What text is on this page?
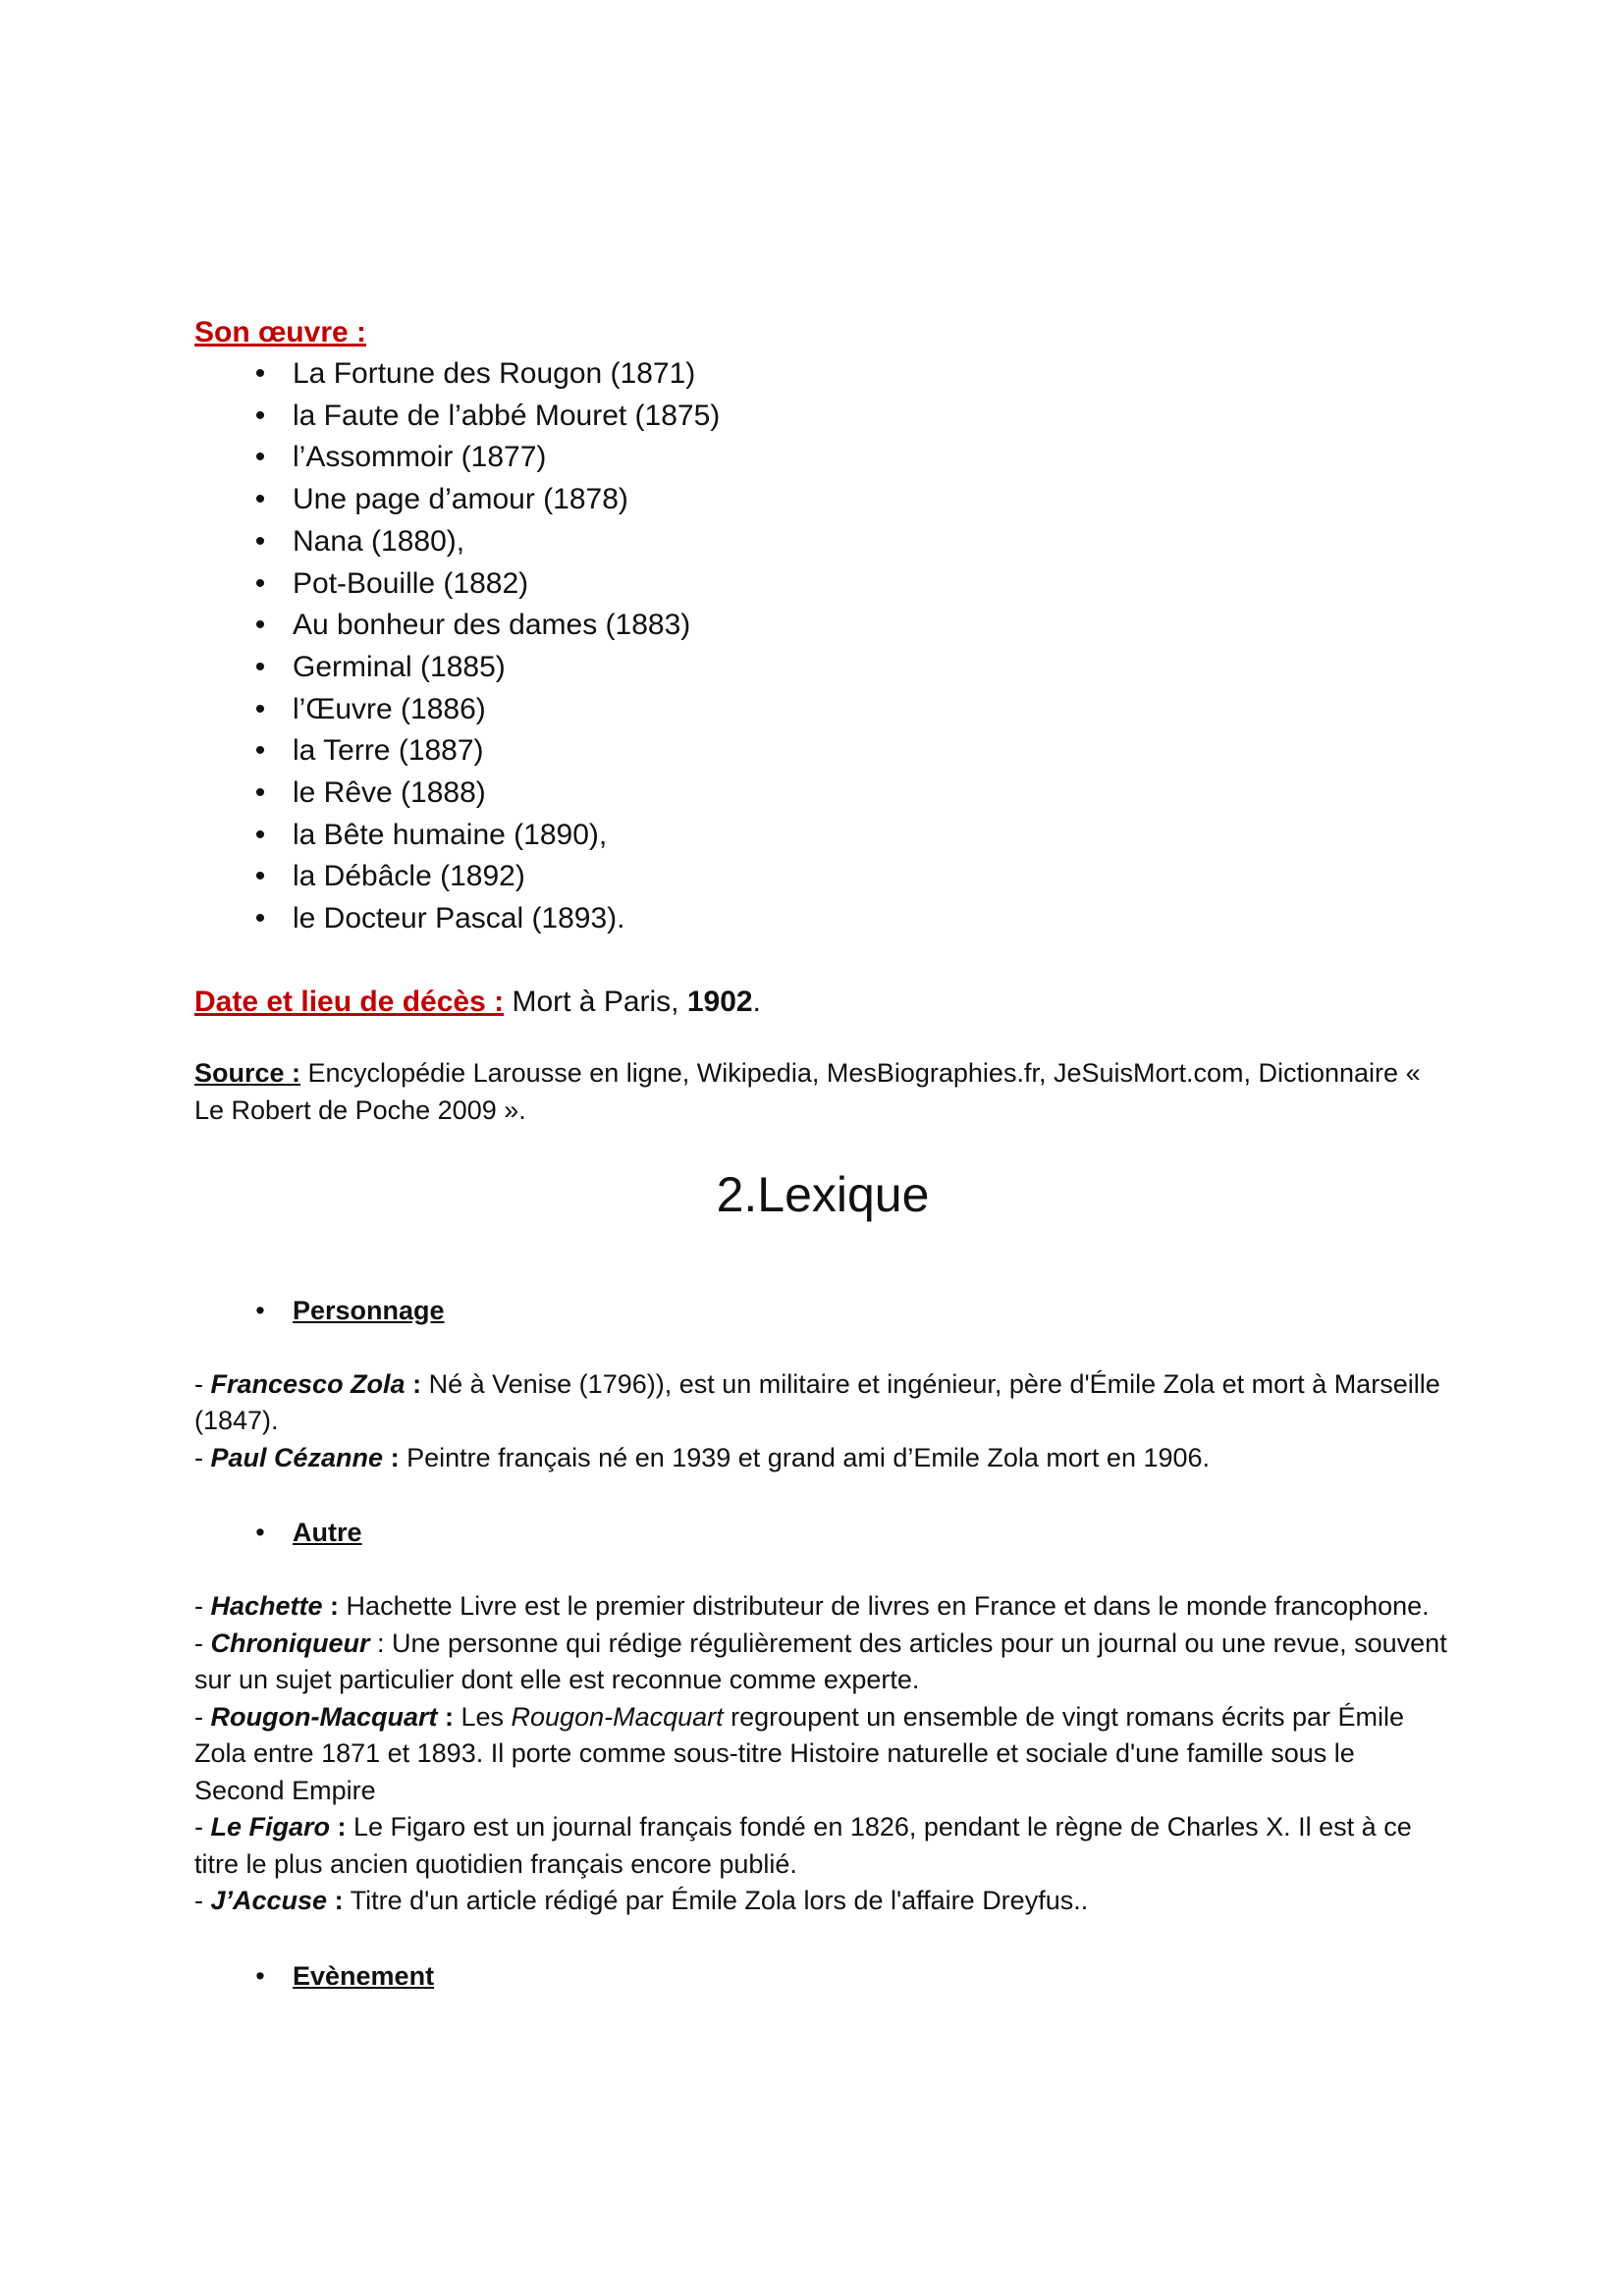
Son œuvre :
• La Fortune des Rougon (1871)
• la Faute de l’abbé Mouret (1875)
• l’Assommoir (1877)
• Une page d’amour (1878)
• Nana (1880),
• Pot-Bouille (1882)
• Au bonheur des dames (1883)
• Germinal (1885)
• l’Œuvre (1886)
• la Terre (1887)
• le Rêve (1888)
• la Bête humaine (1890),
• la Débâcle (1892)
• le Docteur Pascal (1893).
Date et lieu de décès : Mort à Paris, 1902.
Source : Encyclopédie Larousse en ligne, Wikipedia, MesBiographies.fr, JeSuisMort.com, Dictionnaire « Le Robert de Poche 2009 ».
2.Lexique
• Personnage
- Francesco Zola : Né à Venise (1796)), est un militaire et ingénieur, père d'Émile Zola et mort à Marseille (1847).
- Paul Cézanne : Peintre français né en 1939 et grand ami d’Emile Zola mort en 1906.
• Autre
- Hachette : Hachette Livre est le premier distributeur de livres en France et dans le monde francophone.
- Chroniqueur : Une personne qui rédige régulièrement des articles pour un journal ou une revue, souvent sur un sujet particulier dont elle est reconnue comme experte.
- Rougon-Macquart : Les Rougon-Macquart regroupent un ensemble de vingt romans écrits par Émile Zola entre 1871 et 1893. Il porte comme sous-titre Histoire naturelle et sociale d'une famille sous le Second Empire
- Le Figaro : Le Figaro est un journal français fondé en 1826, pendant le règne de Charles X. Il est à ce titre le plus ancien quotidien français encore publié.
- J’Accuse : Titre d'un article rédigé par Émile Zola lors de l'affaire Dreyfus..
• Evènement
